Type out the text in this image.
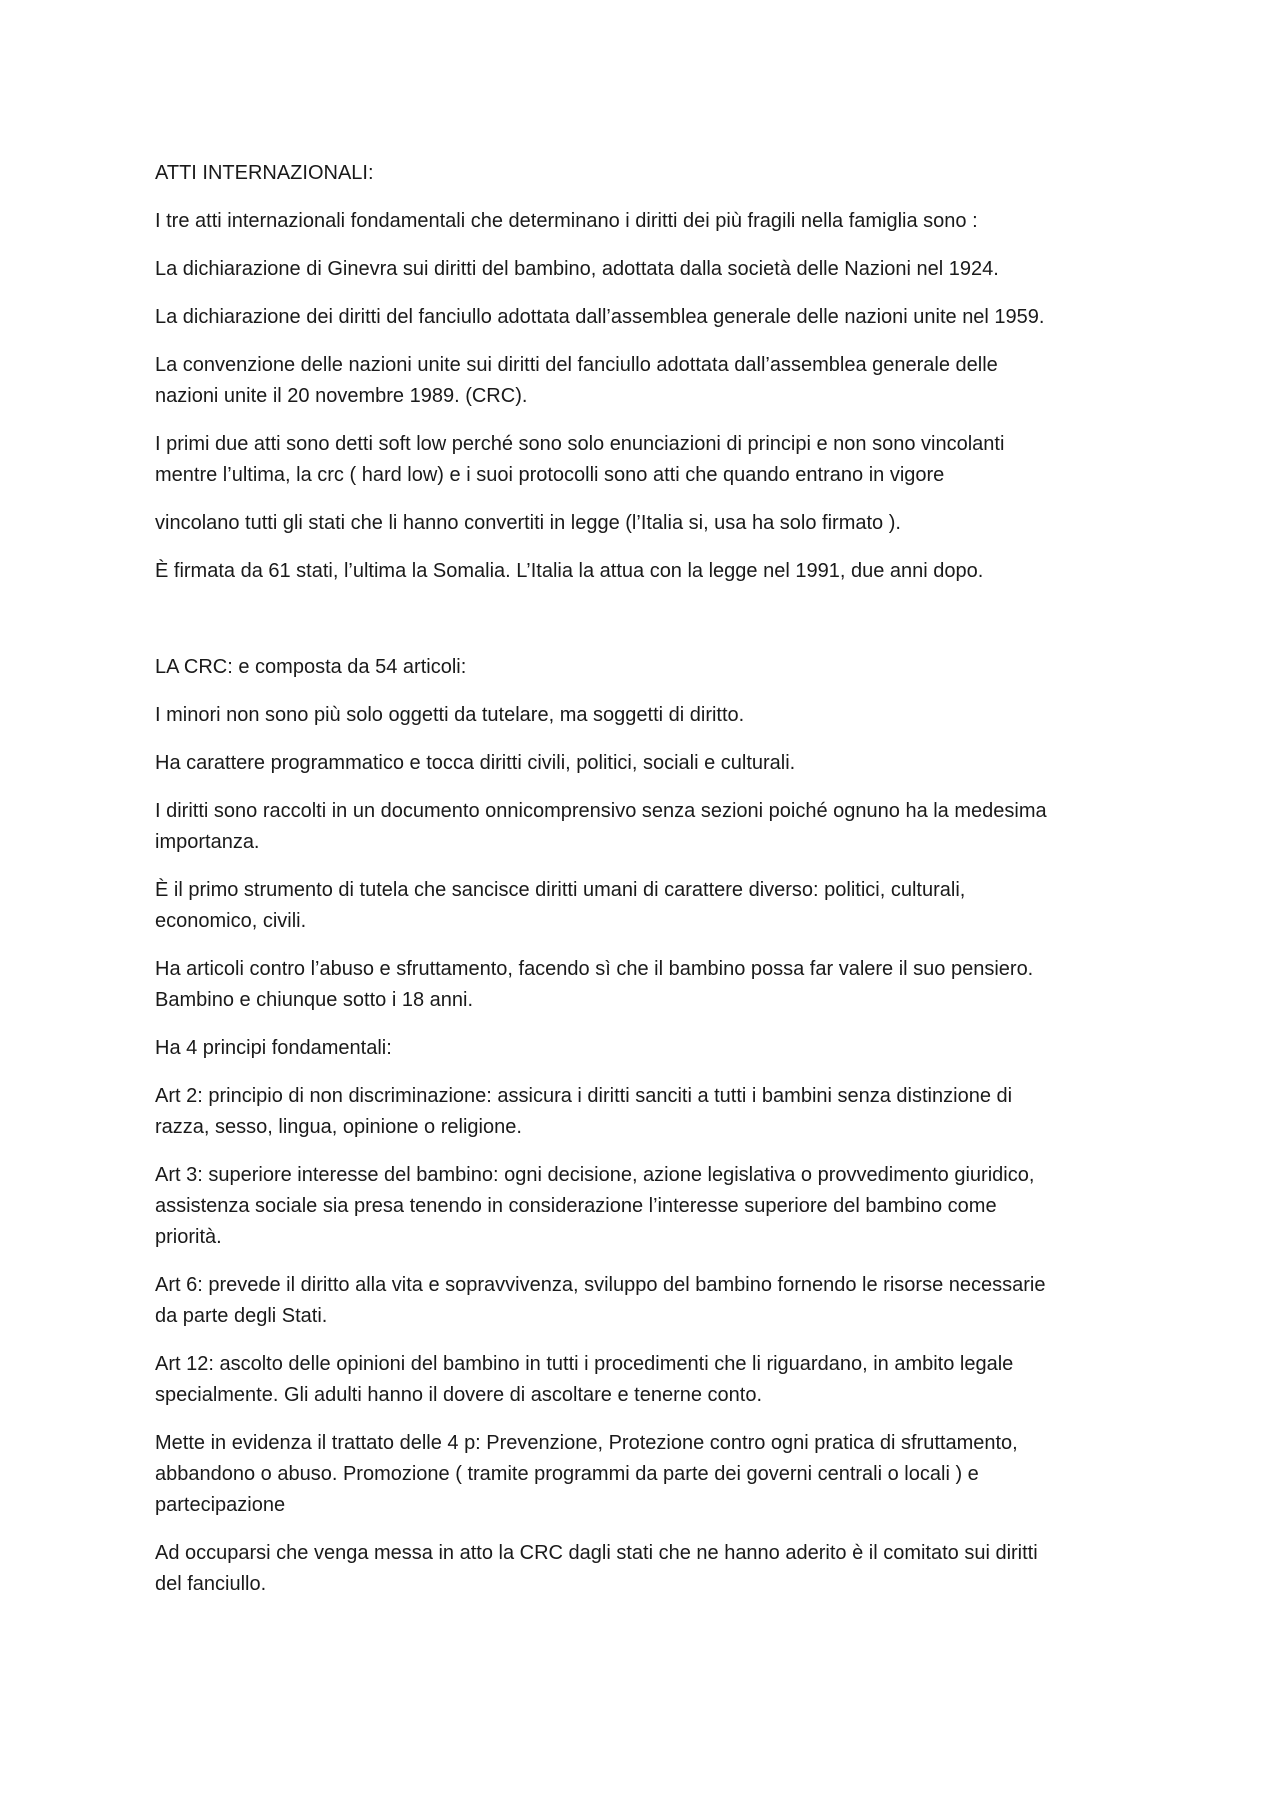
ATTI INTERNAZIONALI:

I tre atti internazionali fondamentali che determinano i diritti dei più fragili nella famiglia sono :

La dichiarazione di Ginevra sui diritti del bambino, adottata dalla società delle Nazioni nel 1924.

La dichiarazione dei diritti del fanciullo adottata dall’assemblea generale delle nazioni unite nel 1959.

La convenzione delle nazioni unite sui diritti del fanciullo adottata dall’assemblea generale delle
nazioni unite il 20 novembre 1989. (CRC).

I primi due atti sono detti soft low perché sono solo enunciazioni di principi e non sono vincolanti
mentre l’ultima, la crc ( hard low) e i suoi protocolli sono atti che quando entrano in vigore

vincolano tutti gli stati che li hanno convertiti in legge (l’Italia si, usa ha solo firmato ).

È firmata da 61 stati, l’ultima la Somalia. L’Italia la attua con la legge nel 1991, due anni dopo.

LA CRC: e composta da 54 articoli:

I minori non sono più solo oggetti da tutelare, ma soggetti di diritto.

Ha carattere programmatico e tocca diritti civili, politici, sociali e culturali.

I diritti sono raccolti in un documento onnicomprensivo senza sezioni poiché ognuno ha la medesima
importanza.

È il primo strumento di tutela che sancisce diritti umani di carattere diverso: politici, culturali,
economico, civili.

Ha articoli contro l’abuso e sfruttamento, facendo sì che il bambino possa far valere il suo pensiero.
Bambino e chiunque sotto i 18 anni.

Ha 4 principi fondamentali:

Art 2: principio di non discriminazione: assicura i diritti sanciti a tutti i bambini senza distinzione di
razza, sesso, lingua, opinione o religione.

Art 3: superiore interesse del bambino: ogni decisione, azione legislativa o provvedimento giuridico,
assistenza sociale sia presa tenendo in considerazione l’interesse superiore del bambino come
priorità.

Art 6: prevede il diritto alla vita e sopravvivenza, sviluppo del bambino fornendo le risorse necessarie
da parte degli Stati.

Art 12: ascolto delle opinioni del bambino in tutti i procedimenti che li riguardano, in ambito legale
specialmente. Gli adulti hanno il dovere di ascoltare e tenerne conto.

Mette in evidenza il trattato delle 4 p: Prevenzione, Protezione contro ogni pratica di sfruttamento,
abbandono o abuso. Promozione ( tramite programmi da parte dei governi centrali o locali ) e
partecipazione

Ad occuparsi che venga messa in atto la CRC dagli stati che ne hanno aderito è il comitato sui diritti
del fanciullo.
